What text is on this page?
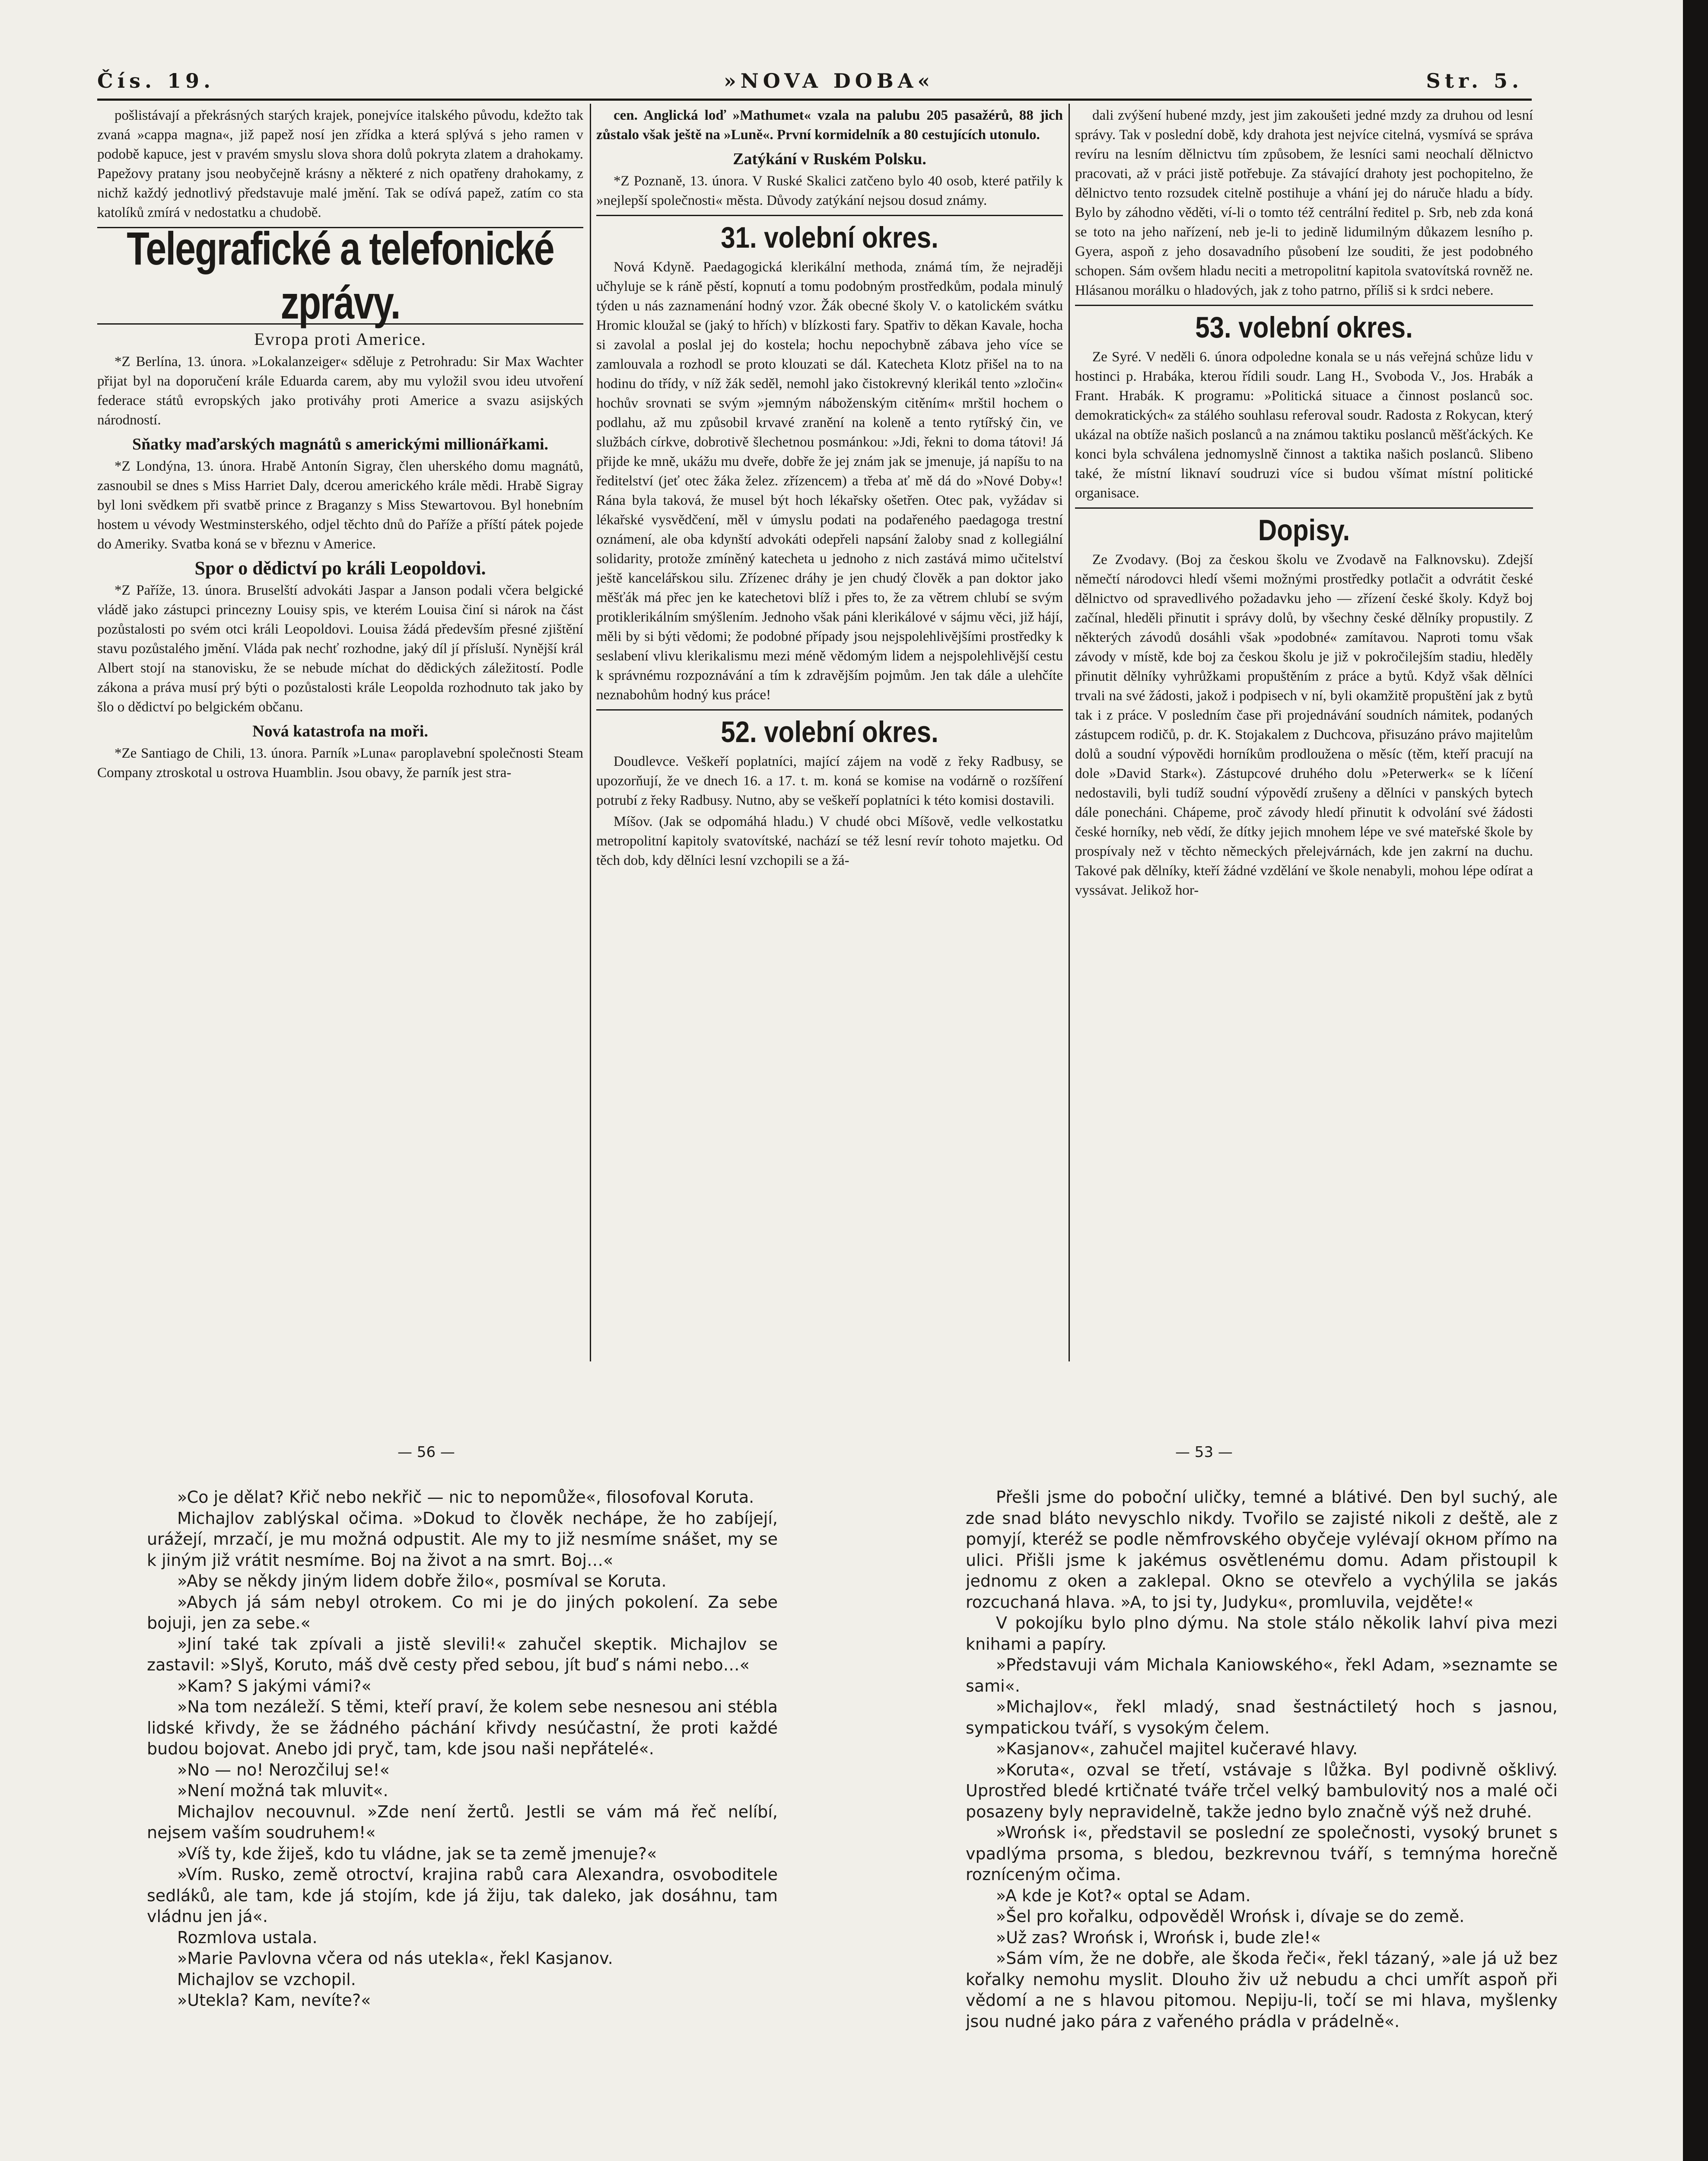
Čís. 19.	»NOVA DOBA«	Str. 5.

pošlistávají a překrásných starých krajek, ponejvíce italského původu, kdežto tak zvaná »cappa magna«, již papež nosí jen zřídka a která splývá s jeho ramen v podobě kapuce, jest v pravém smyslu slova shora dolů pokryta zlatem a drahokamy. Papežovy pratany jsou neobyčejně krásny a některé z nich opatřeny drahokamy, z nichž každý jednotlivý představuje malé jmění. Tak se odívá papež, zatím co sta katolíků zmírá v nedostatku a chudobě.

Telegrafické a telefonické zprávy.
Evropa proti Americe.

*Z Berlína, 13. února. »Lokalanzeiger« sděluje z Petrohradu: Sir Max Wachter přijat byl na doporučení krále Eduarda carem, aby mu vyložil svou ideu utvoření federace států evropských jako protiváhy proti Americe a svazu asijských národností.

Sňatky maďarských magnátů s americkými millionářkami.

*Z Londýna, 13. února. Hrabě Antonín Sigray, člen uherského domu magnátů, zasnoubil se dnes s Miss Harriet Daly, dcerou amerického krále mědi. Hrabě Sigray byl loni svědkem při svatbě prince z Braganzy s Miss Stewartovou. Byl honebním hostem u vévody Westminsterského, odjel těchto dnů do Paříže a příští pátek pojede do Ameriky. Svatba koná se v březnu v Americe.

Spor o dědictví po králi Leopoldovi.

*Z Paříže, 13. února. Bruselští advokáti Jaspar a Janson podali včera belgické vládě jako zástupci princezny Louisy spis, ve kterém Louisa činí si nárok na část pozůstalosti po svém otci králi Leopoldovi. Louisa žádá především přesné zjištění stavu pozůstalého jmění. Vláda pak nechť rozhodne, jaký díl jí přísluší. Nynější král Albert stojí na stanovisku, že se nebude míchat do dědických záležitostí. Podle zákona a práva musí prý býti o pozůstalosti krále Leopolda rozhodnuto tak jako by šlo o dědictví po belgickém občanu.

Nová katastrofa na moři.

*Ze Santiago de Chili, 13. února. Parník »Luna« paroplavební společnosti Steam Company ztroskotal u ostrova Huamblin. Jsou obavy, že parník jest stra-

cen. Anglická loď »Mathumet« vzala na palubu 205 pasažérů, 88 jich zůstalo však ještě na »Luně«. První kormidelník a 80 cestujících utonulo.

Zatýkání v Ruském Polsku.

*Z Poznaně, 13. února. V Ruské Skalici zatčeno bylo 40 osob, které patřily k »nejlepší společnosti« města. Důvody zatýkání nejsou dosud známy.

31. volební okres.

Nová Kdyně. Paedagogická klerikální methoda, známá tím, že nejraději učhyluje se k ráně pěstí, kopnutí a tomu podobným prostředkům, podala minulý týden u nás zaznamenání hodný vzor. Žák obecné školy V. o katolickém svátku Hromic kloužal se (jaký to hřích) v blízkosti fary. Spatřiv to děkan Kavale, hocha si zavolal a poslal jej do kostela; hochu nepochybně zábava jeho více se zamlouvala a rozhodl se proto klouzati se dál. Katecheta Klotz přišel na to na hodinu do třídy, v níž žák seděl, nemohl jako čistokrevný klerikál tento »zločin« hochův srovnati se svým »jemným náboženským citěním« mrštil hochem o podlahu, až mu způsobil krvavé zranění na koleně a tento rytířský čin, ve službách církve, dobrotivě šlechetnou posmánkou: »Jdi, řekni to doma tátovi! Já přijde ke mně, ukážu mu dveře, dobře že jej znám jak se jmenuje, já napíšu to na ředitelství (jeť otec žáka želez. zřízencem) a třeba ať mě dá do »Nové Doby«! Rána byla taková, že musel být hoch lékařsky ošetřen. Otec pak, vyžádav si lékařské vysvědčení, měl v úmyslu podati na podařeného paedagoga trestní oznámení, ale oba kdynští advokáti odepřeli napsání žaloby snad z kollegiální solidarity, protože zmíněný katecheta u jednoho z nich zastává mimo učitelství ještě kancelářskou silu. Zřízenec dráhy je jen chudý člověk a pan doktor jako měšťák má přec jen ke katechetovi blíž i přes to, že za větrem chlubí se svým protiklerikálním smýšlením. Jednoho však páni klerikálové v sájmu věci, již hájí, měli by si býti vědomi; že podobné případy jsou nejspolehlivějšími prostředky k seslabení vlivu klerikalismu mezi méně vědomým lidem a nejspolehlivější cestu k správnému rozpoznávání a tím k zdravějším pojmům. Jen tak dále a ulehčíte neznabohům hodný kus práce!

52. volební okres.

Doudlevce. Veškeří poplatníci, mající zájem na vodě z řeky Radbusy, se upozorňují, že ve dnech 16. a 17. t. m. koná se komise na vodárně o rozšíření potrubí z řeky Radbusy. Nutno, aby se veškeří poplatníci k této komisi dostavili.

Míšov. (Jak se odpomáhá hladu.) V chudé obci Míšově, vedle velkostatku metropolitní kapitoly svatovítské, nachází se též lesní revír tohoto majetku. Od těch dob, kdy dělníci lesní vzchopili se a žá-

dali zvýšení hubené mzdy, jest jim zakoušeti jedné mzdy za druhou od lesní správy. Tak v poslední době, kdy drahota jest nejvíce citelná, vysmívá se správa revíru na lesním dělnictvu tím způsobem, že lesníci sami neochalí dělnictvo pracovati, až v práci jistě potřebuje. Za stávající drahoty jest pochopitelno, že dělnictvo tento rozsudek citelně postihuje a vhání jej do náruče hladu a bídy. Bylo by záhodno věděti, ví-li o tomto též centrální ředitel p. Srb, neb zda koná se toto na jeho nařízení, neb je-li to jedině lidumilným důkazem lesního p. Gyera, aspoň z jeho dosavadního působení lze souditi, že jest podobného schopen. Sám ovšem hladu neciti a metropolitní kapitola svatovítská rovněž ne. Hlásanou morálku o hladových, jak z toho patrno, příliš si k srdci nebere.

53. volební okres.

Ze Syré. V neděli 6. února odpoledne konala se u nás veřejná schůze lidu v hostinci p. Hrabáka, kterou řídili soudr. Lang H., Svoboda V., Jos. Hrabák a Frant. Hrabák. K programu: »Politická situace a činnost poslanců soc. demokratických« za stálého souhlasu referoval soudr. Radosta z Rokycan, který ukázal na obtíže našich poslanců a na známou taktiku poslanců měšťáckých. Ke konci byla schválena jednomyslně činnost a taktika našich poslanců. Slibeno také, že místní liknaví soudruzi více si budou všímat místní politické organisace.

Dopisy.

Ze Zvodavy. (Boj za českou školu ve Zvodavě na Falknovsku). Zdejší němečtí národovci hledí všemi možnými prostředky potlačit a odvrátit české dělnictvo od spravedlivého požadavku jeho — zřízení české školy. Když boj začínal, hleděli přinutit i správy dolů, by všechny české dělníky propustily. Z některých závodů dosáhli však »podobné« zamítavou. Naproti tomu však závody v místě, kde boj za českou školu je již v pokročilejším stadiu, hleděly přinutit dělníky vyhrůžkami propuštěním z práce a bytů. Když však dělníci trvali na své žádosti, jakož i podpisech v ní, byli okamžitě propuštění jak z bytů tak i z práce. V posledním čase při projednávání soudních námitek, podaných zástupcem rodičů, p. dr. K. Stojakalem z Duchcova, přisuzáno právo majitelům dolů a soudní výpovědi horníkům prodloužena o měsíc (těm, kteří pracují na dole »David Stark«). Zástupcové druhého dolu »Peterwerk« se k líčení nedostavili, byli tudíž soudní výpovědí zrušeny a dělníci v panských bytech dále ponecháni. Chápeme, proč závody hledí přinutit k odvolání své žádosti české horníky, neb vědí, že dítky jejich mnohem lépe ve své mateřské škole by prospívaly než v těchto německých přelejvárnách, kde jen zakrní na duchu. Takové pak dělníky, kteří žádné vzdělání ve škole nenabyli, mohou lépe odírat a vyssávat. Jelikož hor-

— 56 —	— 53 —

»Co je dělat? Křič nebo nekřič — nic to nepomůže«, filosofoval Koruta.

Michajlov zablýskal očima. »Dokud to člověk nechápe, že ho zabíjejí, urážejí, mrzačí, je mu možná odpustit. Ale my to již nesmíme snášet, my se k jiným již vrátit nesmíme. Boj na život a na smrt. Boj…«

»Aby se někdy jiným lidem dobře žilo«, posmíval se Koruta.

»Abych já sám nebyl otrokem. Co mi je do jiných pokolení. Za sebe bojuji, jen za sebe.«

»Jiní také tak zpívali a jistě slevili!« zahučel skeptik. Michajlov se zastavil: »Slyš, Koruto, máš dvě cesty před sebou, jít buď s námi nebo…«

»Kam? S jakými vámi?«

»Na tom nezáleží. S těmi, kteří praví, že kolem sebe nesnesou ani stébla lidské křivdy, že se žádného páchání křivdy nesúčastní, že proti každé budou bojovat. Anebo jdi pryč, tam, kde jsou naši nepřátelé«.

»No — no! Nerozčiluj se!«

»Není možná tak mluvit«.

Michajlov necouvnul. »Zde není žertů. Jestli se vám má řeč nelíbí, nejsem vaším soudruhem!«

»Víš ty, kde žiješ, kdo tu vládne, jak se ta země jmenuje?«

»Vím. Rusko, země otroctví, krajina rabů cara Alexandra, osvoboditele sedláků, ale tam, kde já stojím, kde já žiju, tak daleko, jak dosáhnu, tam vládnu jen já«.

Rozmlova ustala.

»Marie Pavlovna včera od nás utekla«, řekl Kasjanov.

Michajlov se vzchopil.

»Utekla? Kam, nevíte?«

Přešli jsme do poboční uličky, temné a blátivé. Den byl suchý, ale zde snad bláto nevyschlo nikdy. Tvořilo se zajisté nikoli z deště, ale z pomyjí, kteréž se podle němfrovského obyčeje vylévají okном přímo na ulici. Přišli jsme k jakémus osvětlenému domu. Adam přistoupil k jednomu z oken a zaklepal. Okno se otevřelo a vychýlila se jakás rozcuchaná hlava. »A, to jsi ty, Judyku«, promluvila, vejděte!«

V pokojíku bylo plno dýmu. Na stole stálo několik lahví piva mezi knihami a papíry.

»Představuji vám Michala Kaniowského«, řekl Adam, »seznamte se sami«.

»Michajlov«, řekl mladý, snad šestnáctiletý hoch s jasnou, sympatickou tváří, s vysokým čelem.

»Kasjanov«, zahučel majitel kučeravé hlavy.

»Koruta«, ozval se třetí, vstávaje s lůžka. Byl podivně ošklivý. Uprostřed bledé krtičnaté tváře trčel velký bambulovitý nos a malé oči posazeny byly nepravidelně, takže jedno bylo značně výš než druhé.

»Wrońsk i«, představil se poslední ze společnosti, vysoký brunet s vpadlýma prsoma, s bledou, bezkrevnou tváří, s temnýma horečně rozníceným očima.

»A kde je Kot?« optal se Adam.

»Šel pro kořalku, odpověděl Wrońsk i, dívaje se do země.

»Už zas? Wrońsk i, Wrońsk i, bude zle!«

»Sám vím, že ne dobře, ale škoda řeči«, řekl tázaný, »ale já už bez kořalky nemohu myslit. Dlouho živ už nebudu a chci umřít aspoň při vědomí a ne s hlavou pitomou. Nepiju-li, točí se mi hlava, myšlenky jsou nudné jako pára z vařeného prádla v prádelně«.
